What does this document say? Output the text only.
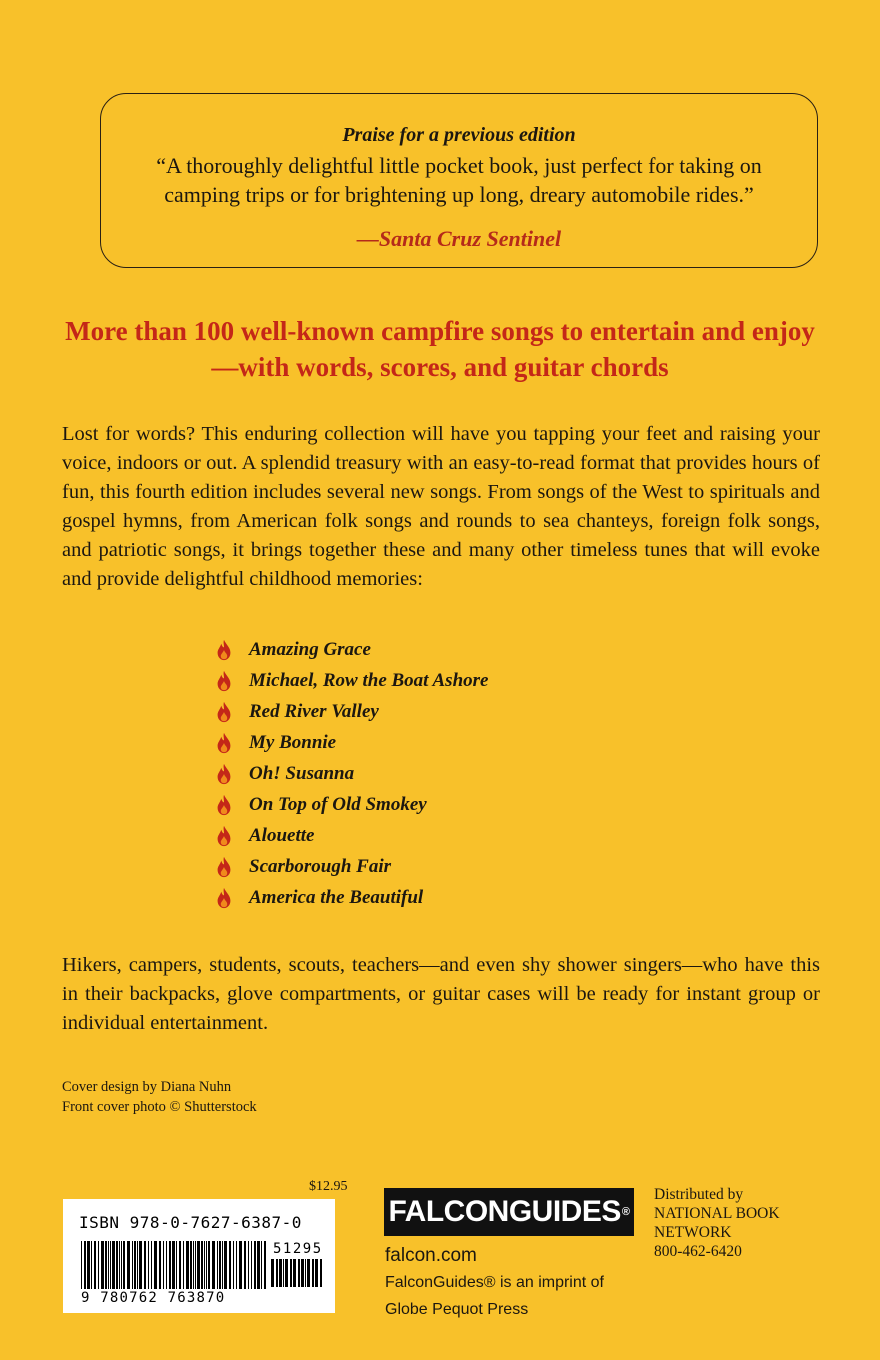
Praise for a previous edition
“A thoroughly delightful little pocket book, just perfect for taking on camping trips or for brightening up long, dreary automobile rides.”
—Santa Cruz Sentinel
More than 100 well-known campfire songs to entertain and enjoy—with words, scores, and guitar chords
Lost for words? This enduring collection will have you tapping your feet and raising your voice, indoors or out. A splendid treasury with an easy-to-read format that provides hours of fun, this fourth edition includes several new songs. From songs of the West to spirituals and gospel hymns, from American folk songs and rounds to sea chanteys, foreign folk songs, and patriotic songs, it brings together these and many other timeless tunes that will evoke and provide delightful childhood memories:
Amazing Grace
Michael, Row the Boat Ashore
Red River Valley
My Bonnie
Oh! Susanna
On Top of Old Smokey
Alouette
Scarborough Fair
America the Beautiful
Hikers, campers, students, scouts, teachers—and even shy shower singers—who have this in their backpacks, glove compartments, or guitar cases will be ready for instant group or individual entertainment.
Cover design by Diana Nuhn
Front cover photo © Shutterstock
$12.95
ISBN 978-0-7627-6387-0
51295
9 780762 763870
FALCONGUIDES ®
falcon.com
FalconGuides® is an imprint of
Globe Pequot Press
Distributed by
NATIONAL BOOK
NETWORK
800-462-6420
